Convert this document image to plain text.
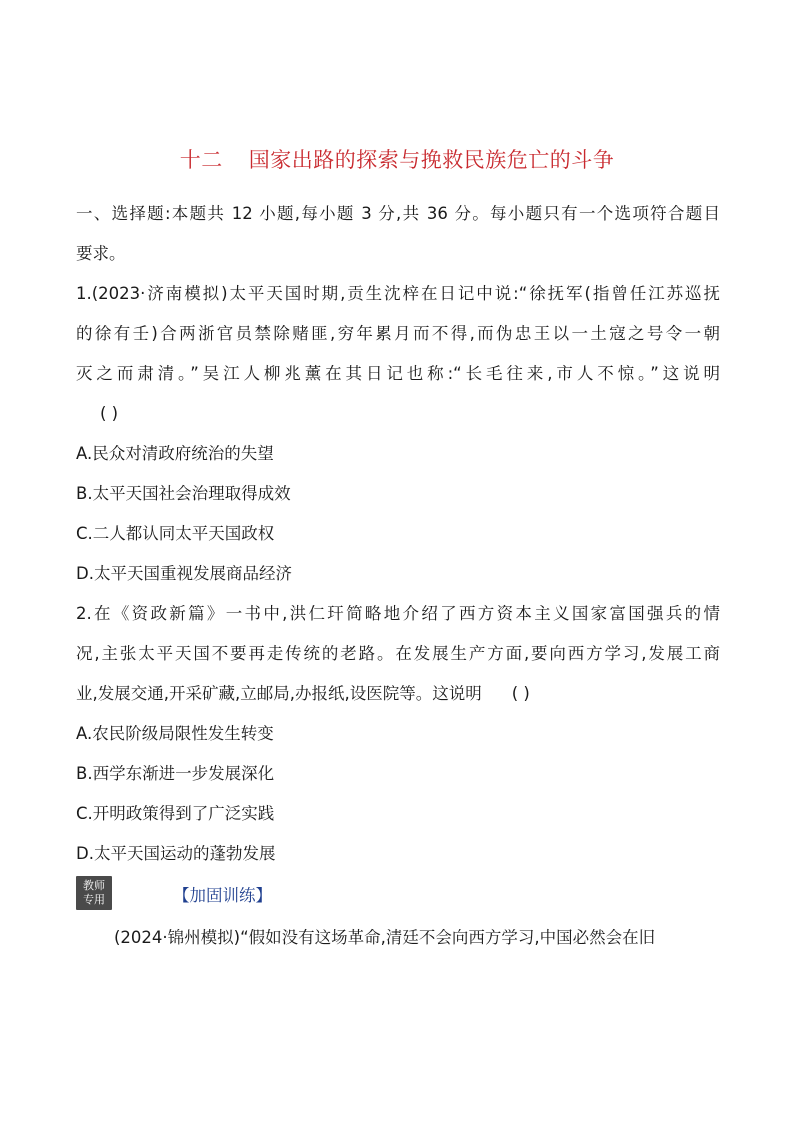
十二 国家出路的探索与挽救民族危亡的斗争
一、选择题:本题共 12 小题,每小题 3 分,共 36 分。每小题只有一个选项符合题目
要求。
1.(2023·济南模拟)太平天国时期,贡生沈梓在日记中说:“徐抚军(指曾任江苏巡抚
的徐有壬)合两浙官员禁除赌匪,穷年累月而不得,而伪忠王以一土寇之号令一朝
灭之而肃清。”吴江人柳兆薰在其日记也称:“长毛往来,市人不惊。”这说明
( )
A.民众对清政府统治的失望
B.太平天国社会治理取得成效
C.二人都认同太平天国政权
D.太平天国重视发展商品经济
2.在《资政新篇》一书中,洪仁玕简略地介绍了西方资本主义国家富国强兵的情
况,主张太平天国不要再走传统的老路。在发展生产方面,要向西方学习,发展工商
业,发展交通,开采矿藏,立邮局,办报纸,设医院等。这说明 ( )
A.农民阶级局限性发生转变
B.西学东渐进一步发展深化
C.开明政策得到了广泛实践
D.太平天国运动的蓬勃发展
教师
专用	【加固训练】
(2024·锦州模拟)“假如没有这场革命,清廷不会向西方学习,中国必然会在旧
